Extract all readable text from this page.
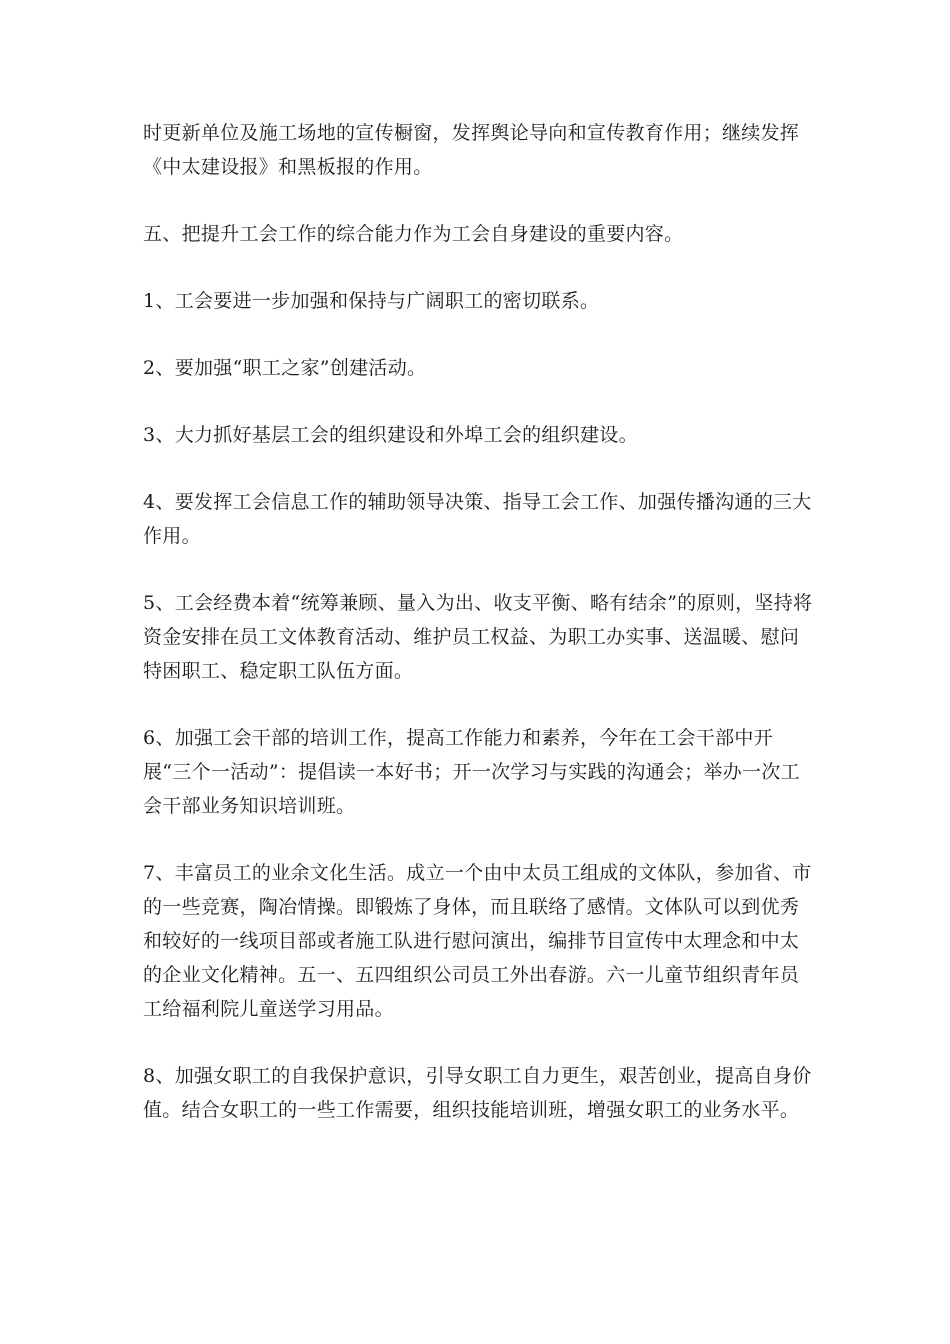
时更新单位及施工场地的宣传橱窗，发挥舆论导向和宣传教育作用；继续发挥《中太建设报》和黑板报的作用。

五、把提升工会工作的综合能力作为工会自身建设的重要内容。

1、工会要进一步加强和保持与广阔职工的密切联系。

2、要加强“职工之家”创建活动。

3、大力抓好基层工会的组织建设和外埠工会的组织建设。

4、要发挥工会信息工作的辅助领导决策、指导工会工作、加强传播沟通的三大作用。

5、工会经费本着“统筹兼顾、量入为出、收支平衡、略有结余”的原则，坚持将资金安排在员工文体教育活动、维护员工权益、为职工办实事、送温暖、慰问特困职工、稳定职工队伍方面。

6、加强工会干部的培训工作，提高工作能力和素养，今年在工会干部中开展“三个一活动”：提倡读一本好书；开一次学习与实践的沟通会；举办一次工会干部业务知识培训班。

7、丰富员工的业余文化生活。成立一个由中太员工组成的文体队，参加省、市的一些竞赛，陶冶情操。即锻炼了身体，而且联络了感情。文体队可以到优秀和较好的一线项目部或者施工队进行慰问演出，编排节目宣传中太理念和中太的企业文化精神。五一、五四组织公司员工外出春游。六一儿童节组织青年员工给福利院儿童送学习用品。

8、加强女职工的自我保护意识，引导女职工自力更生，艰苦创业，提高自身价值。结合女职工的一些工作需要，组织技能培训班，增强女职工的业务水平。
